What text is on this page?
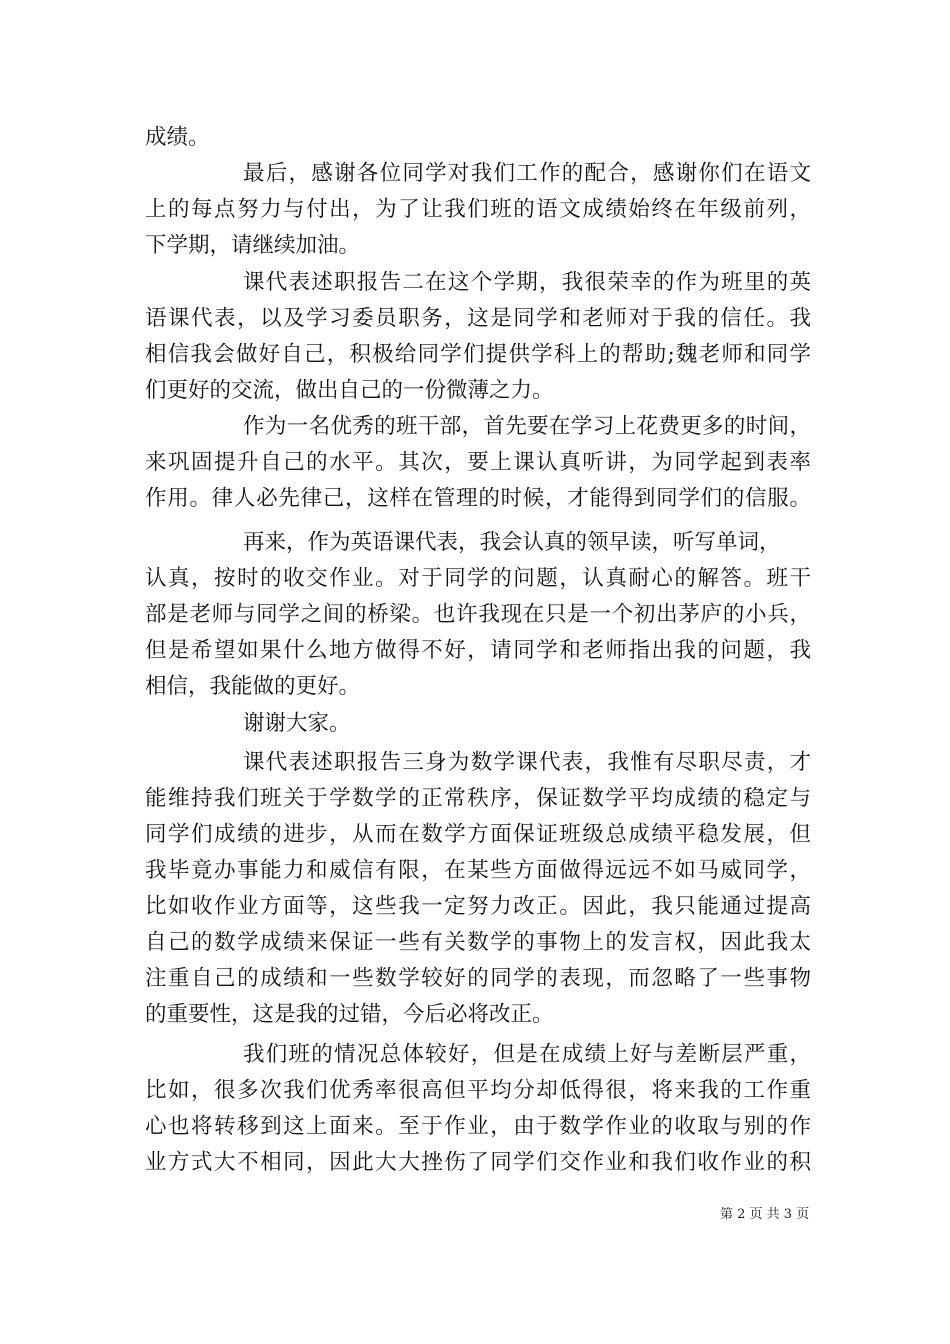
成绩。
最后，感谢各位同学对我们工作的配合，感谢你们在语文
上的每点努力与付出，为了让我们班的语文成绩始终在年级前列，
下学期，请继续加油。
课代表述职报告二在这个学期，我很荣幸的作为班里的英
语课代表，以及学习委员职务，这是同学和老师对于我的信任。我
相信我会做好自己，积极给同学们提供学科上的帮助;魏老师和同学
们更好的交流，做出自己的一份微薄之力。
作为一名优秀的班干部，首先要在学习上花费更多的时间，
来巩固提升自己的水平。其次，要上课认真听讲，为同学起到表率
作用。律人必先律己，这样在管理的时候，才能得到同学们的信服。
再来，作为英语课代表，我会认真的领早读，听写单词，
认真，按时的收交作业。对于同学的问题，认真耐心的解答。班干
部是老师与同学之间的桥梁。也许我现在只是一个初出茅庐的小兵，
但是希望如果什么地方做得不好，请同学和老师指出我的问题，我
相信，我能做的更好。
谢谢大家。
课代表述职报告三身为数学课代表，我惟有尽职尽责，才
能维持我们班关于学数学的正常秩序，保证数学平均成绩的稳定与
同学们成绩的进步，从而在数学方面保证班级总成绩平稳发展，但
我毕竟办事能力和威信有限，在某些方面做得远远不如马威同学，
比如收作业方面等，这些我一定努力改正。因此，我只能通过提高
自己的数学成绩来保证一些有关数学的事物上的发言权，因此我太
注重自己的成绩和一些数学较好的同学的表现，而忽略了一些事物
的重要性，这是我的过错，今后必将改正。
我们班的情况总体较好，但是在成绩上好与差断层严重，
比如，很多次我们优秀率很高但平均分却低得很，将来我的工作重
心也将转移到这上面来。至于作业，由于数学作业的收取与别的作
业方式大不相同，因此大大挫伤了同学们交作业和我们收作业的积
第 2 页 共 3 页
